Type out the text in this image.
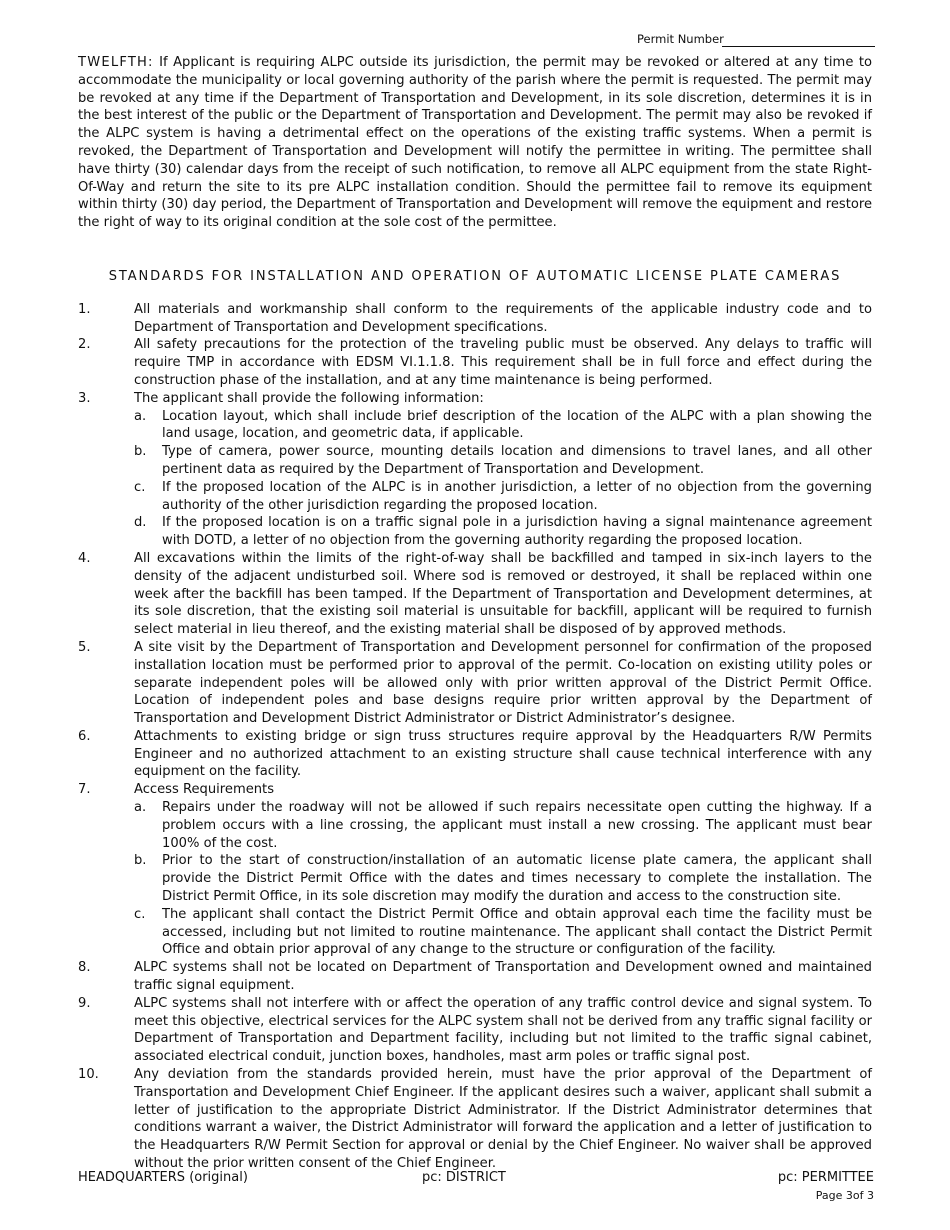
Permit Number

TWELFTH: If Applicant is requiring ALPC outside its jurisdiction, the permit may be revoked or altered at any time to accommodate the municipality or local governing authority of the parish where the permit is requested. The permit may be revoked at any time if the Department of Transportation and Development, in its sole discretion, determines it is in the best interest of the public or the Department of Transportation and Development. The permit may also be revoked if the ALPC system is having a detrimental effect on the operations of the existing traffic systems. When a permit is revoked, the Department of Transportation and Development will notify the permittee in writing. The permittee shall have thirty (30) calendar days from the receipt of such notification, to remove all ALPC equipment from the state Right-Of-Way and return the site to its pre ALPC installation condition. Should the permittee fail to remove its equipment within thirty (30) day period, the Department of Transportation and Development will remove the equipment and restore the right of way to its original condition at the sole cost of the permittee.

STANDARDS FOR INSTALLATION AND OPERATION OF AUTOMATIC LICENSE PLATE CAMERAS
1.	All materials and workmanship shall conform to the requirements of the applicable industry code and to Department of Transportation and Development specifications.
2.	All safety precautions for the protection of the traveling public must be observed. Any delays to traffic will require TMP in accordance with EDSM VI.1.1.8. This requirement shall be in full force and effect during the construction phase of the installation, and at any time maintenance is being performed.
3.	The applicant shall provide the following information:
a. Location layout, which shall include brief description of the location of the ALPC with a plan showing the land usage, location, and geometric data, if applicable.
b. Type of camera, power source, mounting details location and dimensions to travel lanes, and all other pertinent data as required by the Department of Transportation and Development.
c. If the proposed location of the ALPC is in another jurisdiction, a letter of no objection from the governing authority of the other jurisdiction regarding the proposed location.
d. If the proposed location is on a traffic signal pole in a jurisdiction having a signal maintenance agreement with DOTD, a letter of no objection from the governing authority regarding the proposed location.
4.	All excavations within the limits of the right-of-way shall be backfilled and tamped in six-inch layers to the density of the adjacent undisturbed soil. Where sod is removed or destroyed, it shall be replaced within one week after the backfill has been tamped. If the Department of Transportation and Development determines, at its sole discretion, that the existing soil material is unsuitable for backfill, applicant will be required to furnish select material in lieu thereof, and the existing material shall be disposed of by approved methods.
5.	A site visit by the Department of Transportation and Development personnel for confirmation of the proposed installation location must be performed prior to approval of the permit. Co-location on existing utility poles or separate independent poles will be allowed only with prior written approval of the District Permit Office. Location of independent poles and base designs require prior written approval by the Department of Transportation and Development District Administrator or District Administrator’s designee.
6.	Attachments to existing bridge or sign truss structures require approval by the Headquarters R/W Permits Engineer and no authorized attachment to an existing structure shall cause technical interference with any equipment on the facility.
7.	Access Requirements
a. Repairs under the roadway will not be allowed if such repairs necessitate open cutting the highway. If a problem occurs with a line crossing, the applicant must install a new crossing. The applicant must bear 100% of the cost.
b. Prior to the start of construction/installation of an automatic license plate camera, the applicant shall provide the District Permit Office with the dates and times necessary to complete the installation. The District Permit Office, in its sole discretion may modify the duration and access to the construction site.
c. The applicant shall contact the District Permit Office and obtain approval each time the facility must be accessed, including but not limited to routine maintenance. The applicant shall contact the District Permit Office and obtain prior approval of any change to the structure or configuration of the facility.
8.	ALPC systems shall not be located on Department of Transportation and Development owned and maintained traffic signal equipment.
9.	ALPC systems shall not interfere with or affect the operation of any traffic control device and signal system. To meet this objective, electrical services for the ALPC system shall not be derived from any traffic signal facility or Department of Transportation and Department facility, including but not limited to the traffic signal cabinet, associated electrical conduit, junction boxes, handholes, mast arm poles or traffic signal post.
10.	Any deviation from the standards provided herein, must have the prior approval of the Department of Transportation and Development Chief Engineer. If the applicant desires such a waiver, applicant shall submit a letter of justification to the appropriate District Administrator. If the District Administrator determines that conditions warrant a waiver, the District Administrator will forward the application and a letter of justification to the Headquarters R/W Permit Section for approval or denial by the Chief Engineer. No waiver shall be approved without the prior written consent of the Chief Engineer.
HEADQUARTERS (original)	pc: DISTRICT	pc: PERMITTEE
Page 3of 3
